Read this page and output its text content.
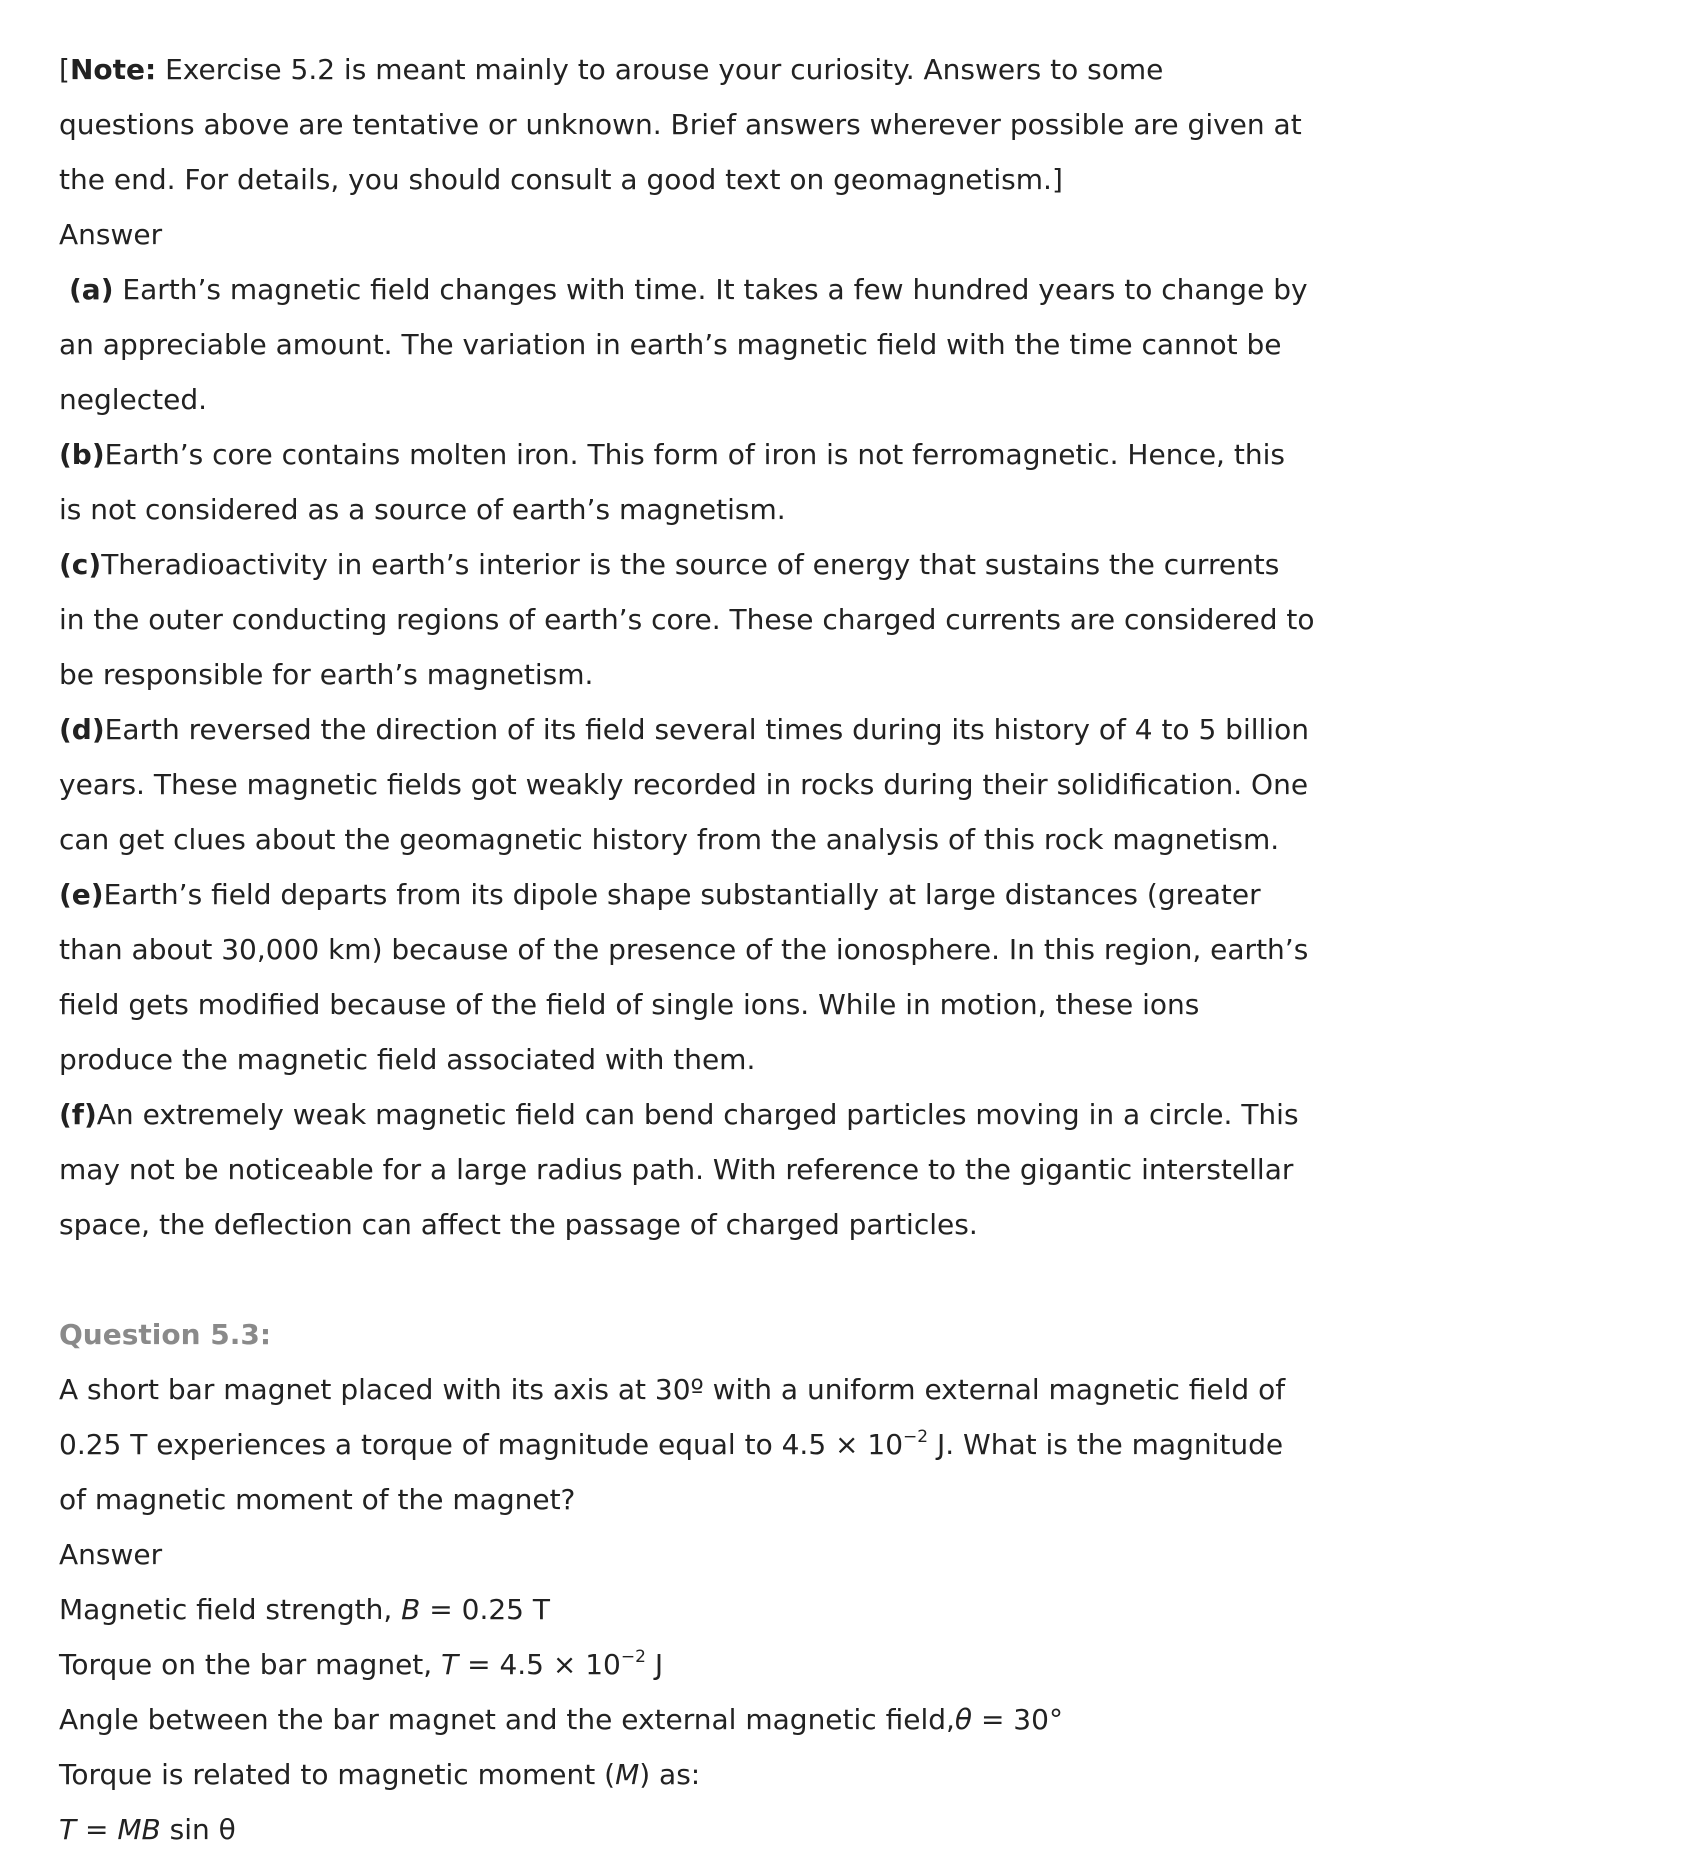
[Note: Exercise 5.2 is meant mainly to arouse your curiosity. Answers to some
questions above are tentative or unknown. Brief answers wherever possible are given at
the end. For details, you should consult a good text on geomagnetism.]
Answer
(a) Earth’s magnetic field changes with time. It takes a few hundred years to change by
an appreciable amount. The variation in earth’s magnetic field with the time cannot be
neglected.
(b)Earth’s core contains molten iron. This form of iron is not ferromagnetic. Hence, this
is not considered as a source of earth’s magnetism.
(c)Theradioactivity in earth’s interior is the source of energy that sustains the currents
in the outer conducting regions of earth’s core. These charged currents are considered to
be responsible for earth’s magnetism.
(d)Earth reversed the direction of its field several times during its history of 4 to 5 billion
years. These magnetic fields got weakly recorded in rocks during their solidification. One
can get clues about the geomagnetic history from the analysis of this rock magnetism.
(e)Earth’s field departs from its dipole shape substantially at large distances (greater
than about 30,000 km) because of the presence of the ionosphere. In this region, earth’s
field gets modified because of the field of single ions. While in motion, these ions
produce the magnetic field associated with them.
(f)An extremely weak magnetic field can bend charged particles moving in a circle. This
may not be noticeable for a large radius path. With reference to the gigantic interstellar
space, the deflection can affect the passage of charged particles.
Question 5.3:
A short bar magnet placed with its axis at 30º with a uniform external magnetic field of
0.25 T experiences a torque of magnitude equal to $4.5 \times 10^{-2}$ J. What is the magnitude
of magnetic moment of the magnet?
Answer
Magnetic field strength, B = 0.25 T
Torque on the bar magnet, $T = 4.5 \times 10^{-2}$ J
Angle between the bar magnet and the external magnetic field,θ = 30°
Torque is related to magnetic moment (M) as:
T = MB sin θ
